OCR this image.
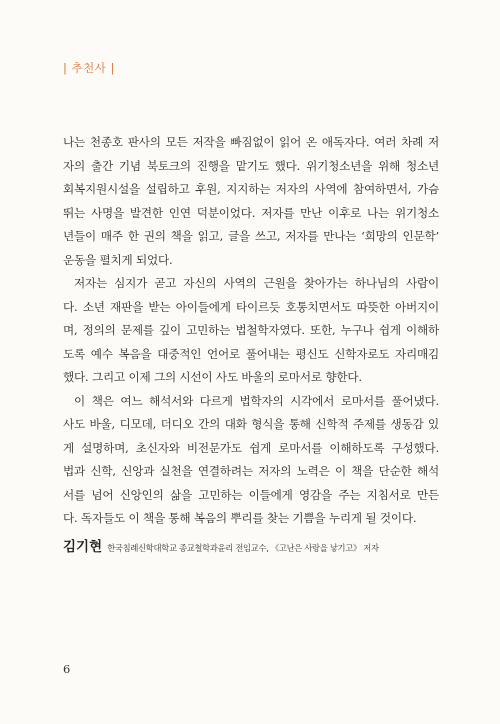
| 추천사 |
나는 천종호 판사의 모든 저작을 빠짐없이 읽어 온 애독자다. 여러 차례 저
자의 출간 기념 북토크의 진행을 맡기도 했다. 위기청소년을 위해 청소년
회복지원시설을 설립하고 후원, 지지하는 저자의 사역에 참여하면서, 가슴
뛰는 사명을 발견한 인연 덕분이었다. 저자를 만난 이후로 나는 위기청소
년들이 매주 한 권의 책을 읽고, 글을 쓰고, 저자를 만나는 ‘희망의 인문학’
운동을 펼치게 되었다.
저자는 심지가 곧고 자신의 사역의 근원을 찾아가는 하나님의 사람이
다. 소년 재판을 받는 아이들에게 타이르듯 호통치면서도 따뜻한 아버지이
며, 정의의 문제를 깊이 고민하는 법철학자였다. 또한, 누구나 쉽게 이해하
도록 예수 복음을 대중적인 언어로 풀어내는 평신도 신학자로도 자리매김
했다. 그리고 이제 그의 시선이 사도 바울의 로마서로 향한다.
이 책은 여느 해석서와 다르게 법학자의 시각에서 로마서를 풀어냈다.
사도 바울, 디모데, 더디오 간의 대화 형식을 통해 신학적 주제를 생동감 있
게 설명하며, 초신자와 비전문가도 쉽게 로마서를 이해하도록 구성했다.
법과 신학, 신앙과 실천을 연결하려는 저자의 노력은 이 책을 단순한 해석
서를 넘어 신앙인의 삶을 고민하는 이들에게 영감을 주는 지침서로 만든
다. 독자들도 이 책을 통해 복음의 뿌리를 찾는 기쁨을 누리게 될 것이다.
김기현 한국침례신학대학교 종교철학과윤리 전임교수, 《고난은 사랑을 낳기고》 저자
6
